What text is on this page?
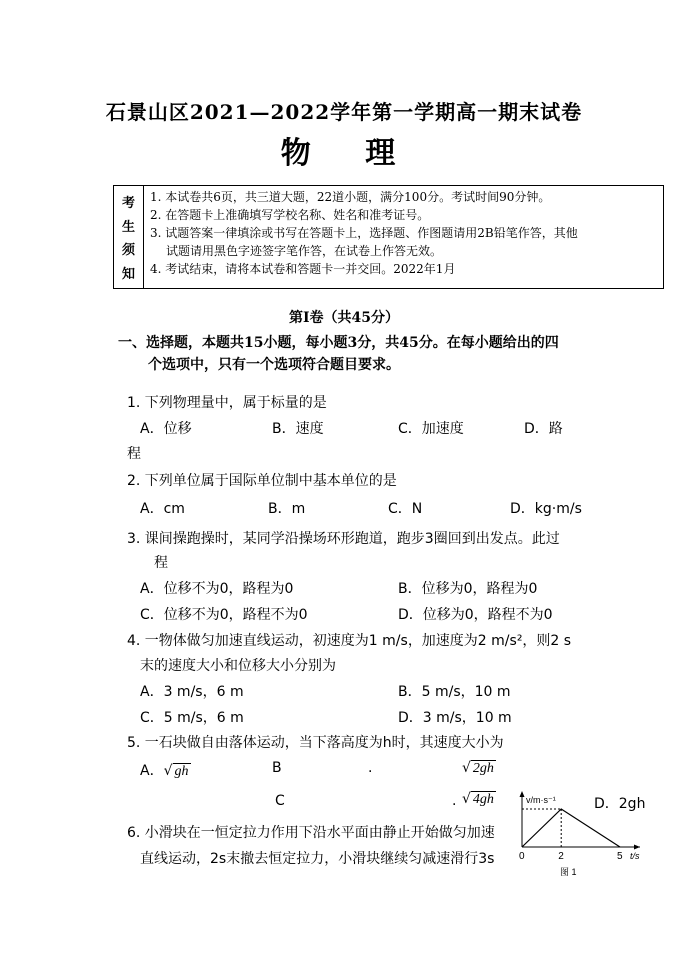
石景山区2021—2022学年第一学期高一期末试卷
物 理
考
生
须
知
1. 本试卷共6页，共三道大题，22道小题，满分100分。考试时间90分钟。
2. 在答题卡上准确填写学校名称、姓名和准考证号。
3. 试题答案一律填涂或书写在答题卡上，选择题、作图题请用2B铅笔作答，其他
试题请用黑色字迹签字笔作答，在试卷上作答无效。
4. 考试结束，请将本试卷和答题卡一并交回。2022年1月
第Ⅰ卷（共45分）
一、选择题，本题共15小题，每小题3分，共45分。在每小题给出的四
个选项中，只有一个选项符合题目要求。
1. 下列物理量中，属于标量的是
A．位移	B．速度	C．加速度	D．路
程
2. 下列单位属于国际单位制中基本单位的是
A．cm	B．m	C．N	D．kg·m/s
3. 课间操跑操时，某同学沿操场环形跑道，跑步3圈回到出发点。此过
程
A．位移不为0，路程为0	B．位移为0，路程为0
C．位移不为0，路程不为0	D．位移为0，路程不为0
4. 一物体做匀加速直线运动，初速度为1 m/s，加速度为2 m/s²，则2 s
末的速度大小和位移大小分别为
A．3 m/s，6 m	B．5 m/s，10 m
C．5 m/s，6 m	D．3 m/s，10 m
5. 一石块做自由落体运动，当下落高度为h时，其速度大小为
A．√ gh	B	.	√ 2gh
C	. √ 4gh	D．2gh
6. 小滑块在一恒定拉力作用下沿水平面由静止开始做匀加速
直线运动，2s末撤去恒定拉力，小滑块继续匀减速滑行3s
v/m·s⁻¹
t/s
0	2	5
图 1
